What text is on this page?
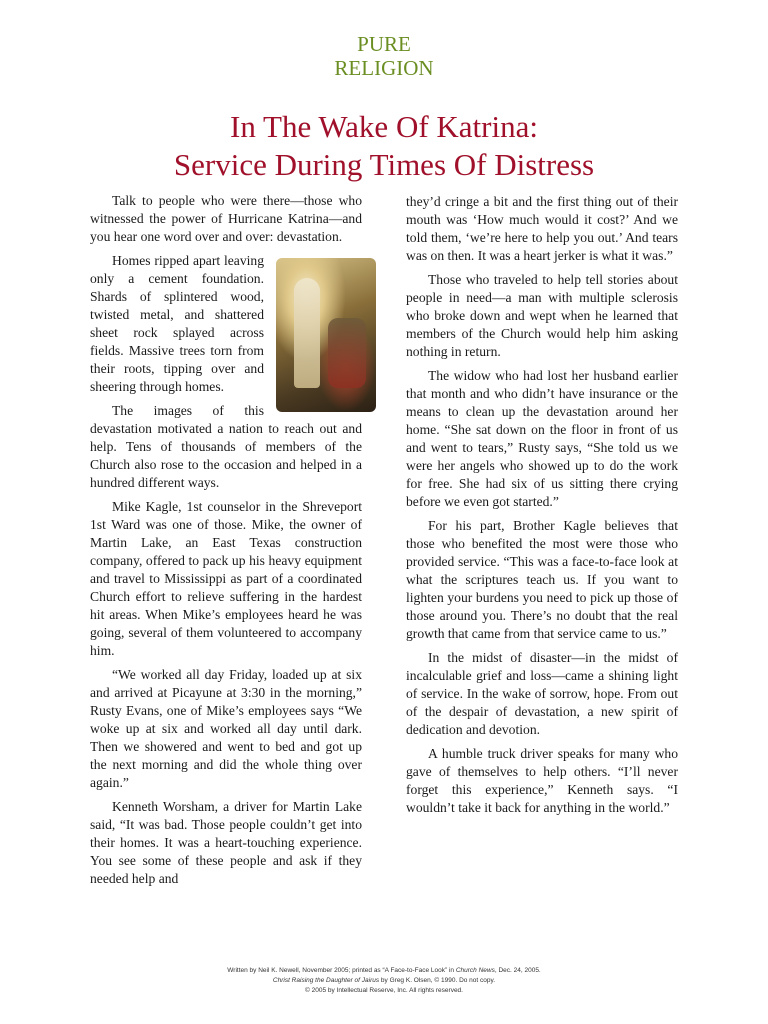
PURE
RELIGION
In The Wake Of Katrina:
Service During Times Of Distress

Talk to people who were there—those who witnessed the power of Hurricane Katrina—and you hear one word over and over: devastation.

Homes ripped apart leaving only a cement foundation. Shards of splintered wood, twisted metal, and shattered sheet rock splayed across fields. Massive trees torn from their roots, tipping over and sheering through homes.

The images of this devastation motivated a nation to reach out and help. Tens of thousands of members of the Church also rose to the occasion and helped in a hundred different ways.

Mike Kagle, 1st counselor in the Shreveport 1st Ward was one of those. Mike, the owner of Martin Lake, an East Texas construction company, offered to pack up his heavy equipment and travel to Mississippi as part of a coordinated Church effort to relieve suffering in the hardest hit areas. When Mike’s employees heard he was going, several of them volunteered to accompany him.

“We worked all day Friday, loaded up at six and arrived at Picayune at 3:30 in the morning,” Rusty Evans, one of Mike’s employees says “We woke up at six and worked all day until dark. Then we showered and went to bed and got up the next morning and did the whole thing over again.”

Kenneth Worsham, a driver for Martin Lake said, “It was bad. Those people couldn’t get into their homes. It was a heart-touching experience. You see some of these people and ask if they needed help and

they’d cringe a bit and the first thing out of their mouth was ‘How much would it cost?’ And we told them, ‘we’re here to help you out.’ And tears was on then. It was a heart jerker is what it was.”

Those who traveled to help tell stories about people in need—a man with multiple sclerosis who broke down and wept when he learned that members of the Church would help him asking nothing in return.

The widow who had lost her husband earlier that month and who didn’t have insurance or the means to clean up the devastation around her home. “She sat down on the floor in front of us and went to tears,” Rusty says, “She told us we were her angels who showed up to do the work for free. She had six of us sitting there crying before we even got started.”

For his part, Brother Kagle believes that those who benefited the most were those who provided service. “This was a face-to-face look at what the scriptures teach us. If you want to lighten your burdens you need to pick up those of those around you. There’s no doubt that the real growth that came from that service came to us.”

In the midst of disaster—in the midst of incalculable grief and loss—came a shining light of service. In the wake of sorrow, hope. From out of the despair of devastation, a new spirit of dedication and devotion.

A humble truck driver speaks for many who gave of themselves to help others. “I’ll never forget this experience,” Kenneth says. “I wouldn’t take it back for anything in the world.”

Written by Neil K. Newell, November 2005; printed as “A Face-to-Face Look” in Church News, Dec. 24, 2005.
Christ Raising the Daughter of Jairus by Greg K. Olsen, © 1990. Do not copy.
© 2005 by Intellectual Reserve, Inc. All rights reserved.
